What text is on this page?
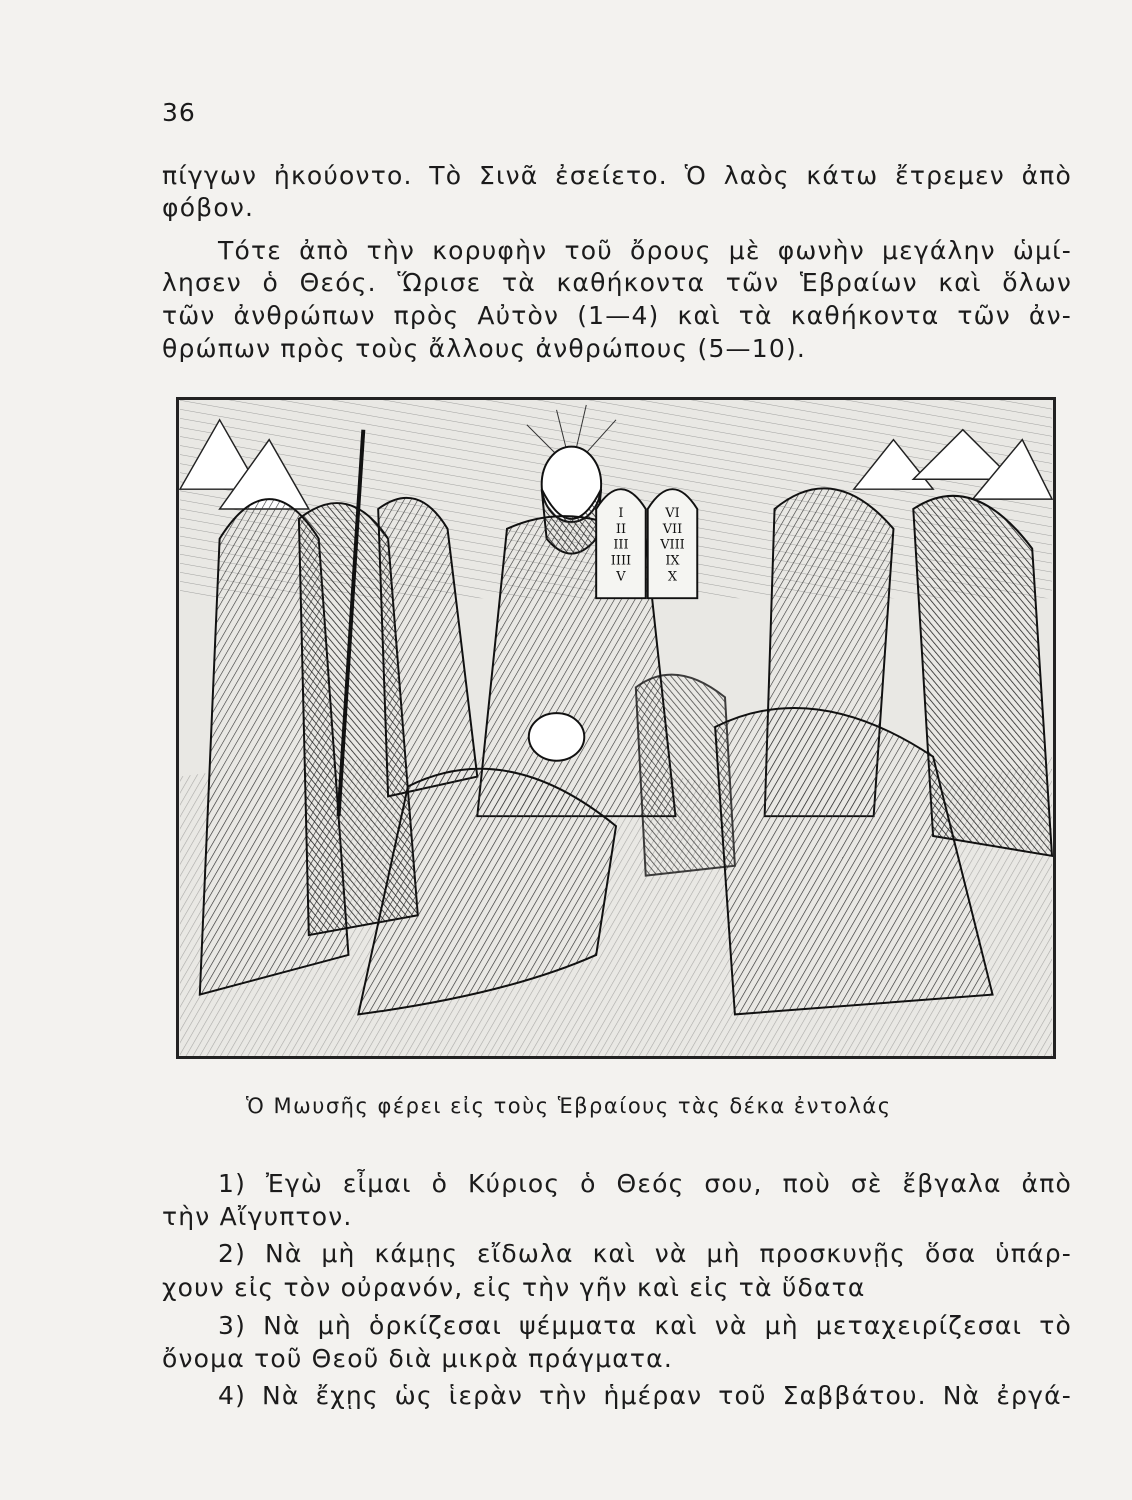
36
πίγγων ἠκούοντο. Τὸ Σινᾶ ἐσείετο. Ὁ λαὸς κάτω ἔτρεμεν ἀπὸ
φόβον.
Τότε ἀπὸ τὴν κορυφὴν τοῦ ὄρους μὲ φωνὴν μεγάλην ὡμί-
λησεν ὁ Θεός. Ὥρισε τὰ καθήκοντα τῶν Ἑβραίων καὶ ὅλων
τῶν ἀνθρώπων πρὸς Αὐτὸν (1—4) καὶ τὰ καθήκοντα τῶν ἀν-
θρώπων πρὸς τοὺς ἄλλους ἀνθρώπους (5—10).
I
II
III
IIII
V
VI
VII
VIII
IX
X
Ὁ Μωυσῆς φέρει εἰς τοὺς Ἑβραίους τὰς δέκα ἐντολάς
1) Ἐγὼ εἶμαι ὁ Κύριος ὁ Θεός σου, ποὺ σὲ ἔβγαλα ἀπὸ
τὴν Αἴγυπτον.
2) Νὰ μὴ κάμῃς εἴδωλα καὶ νὰ μὴ προσκυνῇς ὅσα ὑπάρ-
χουν εἰς τὸν οὐρανόν, εἰς τὴν γῆν καὶ εἰς τὰ ὕδατα
3) Νὰ μὴ ὁρκίζεσαι ψέμματα καὶ νὰ μὴ μεταχειρίζεσαι τὸ
ὄνομα τοῦ Θεοῦ διὰ μικρὰ πράγματα.
4) Νὰ ἔχῃς ὡς ἱερὰν τὴν ἡμέραν τοῦ Σαββάτου. Νὰ ἐργά-
